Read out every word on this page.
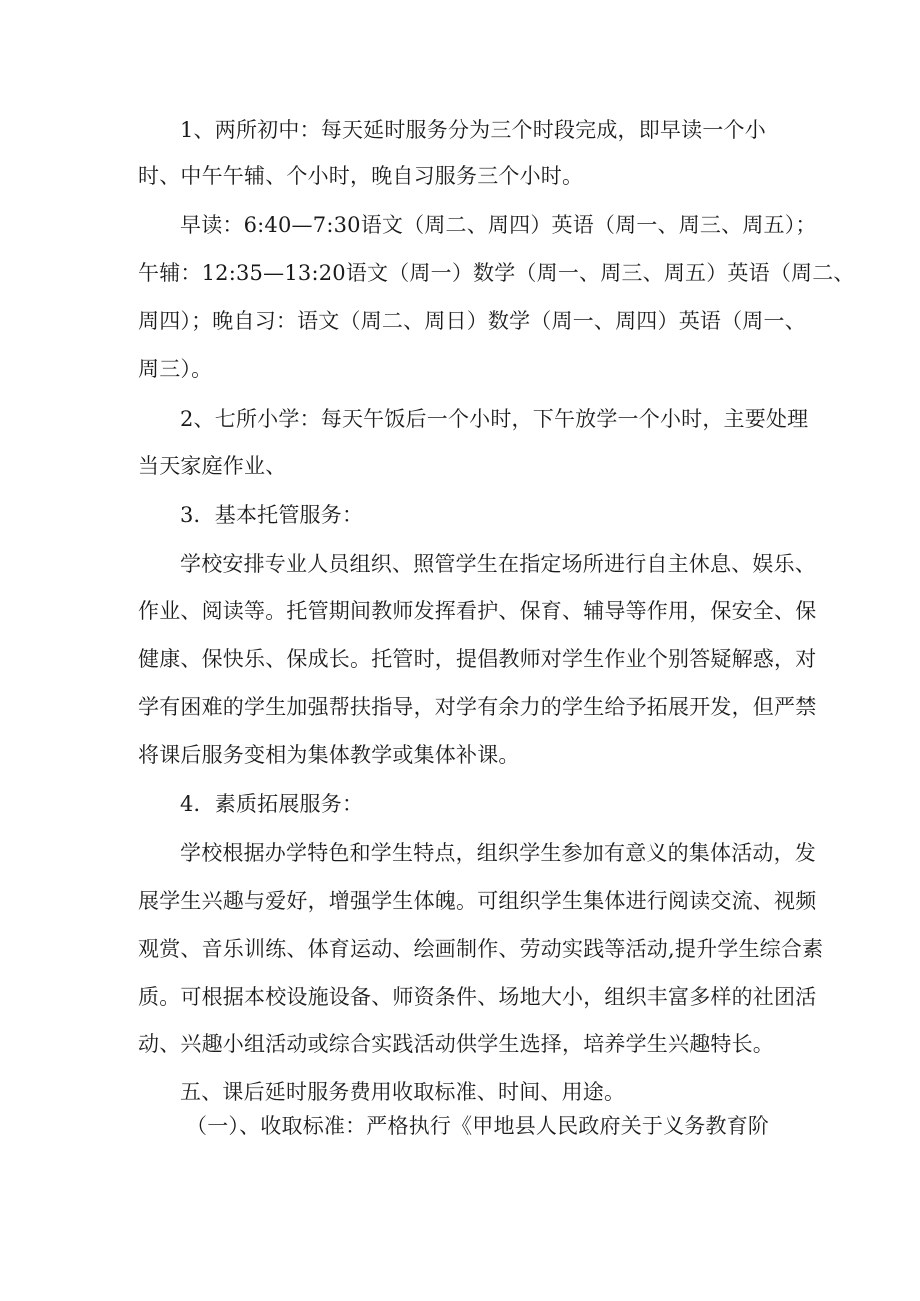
1、两所初中：每天延时服务分为三个时段完成，即早读一个小
时、中午午辅、个小时，晚自习服务三个小时。
早读：6:40—7:30语文（周二、周四）英语（周一、周三、周五）；
午辅：12:35—13:20语文（周一）数学（周一、周三、周五）英语（周二、
周四）；晚自习：语文（周二、周日）数学（周一、周四）英语（周一、
周三）。
2、七所小学：每天午饭后一个小时，下午放学一个小时，主要处理
当天家庭作业、
3．基本托管服务：
学校安排专业人员组织、照管学生在指定场所进行自主休息、娱乐、
作业、阅读等。托管期间教师发挥看护、保育、辅导等作用，保安全、保
健康、保快乐、保成长。托管时，提倡教师对学生作业个别答疑解惑，对
学有困难的学生加强帮扶指导，对学有余力的学生给予拓展开发，但严禁
将课后服务变相为集体教学或集体补课。
4．素质拓展服务：
学校根据办学特色和学生特点，组织学生参加有意义的集体活动，发
展学生兴趣与爱好，增强学生体魄。可组织学生集体进行阅读交流、视频
观赏、音乐训练、体育运动、绘画制作、劳动实践等活动,提升学生综合素
质。可根据本校设施设备、师资条件、场地大小，组织丰富多样的社团活
动、兴趣小组活动或综合实践活动供学生选择，培养学生兴趣特长。
五、课后延时服务费用收取标准、时间、用途。
（一）、收取标准：严格执行《甲地县人民政府关于义务教育阶
